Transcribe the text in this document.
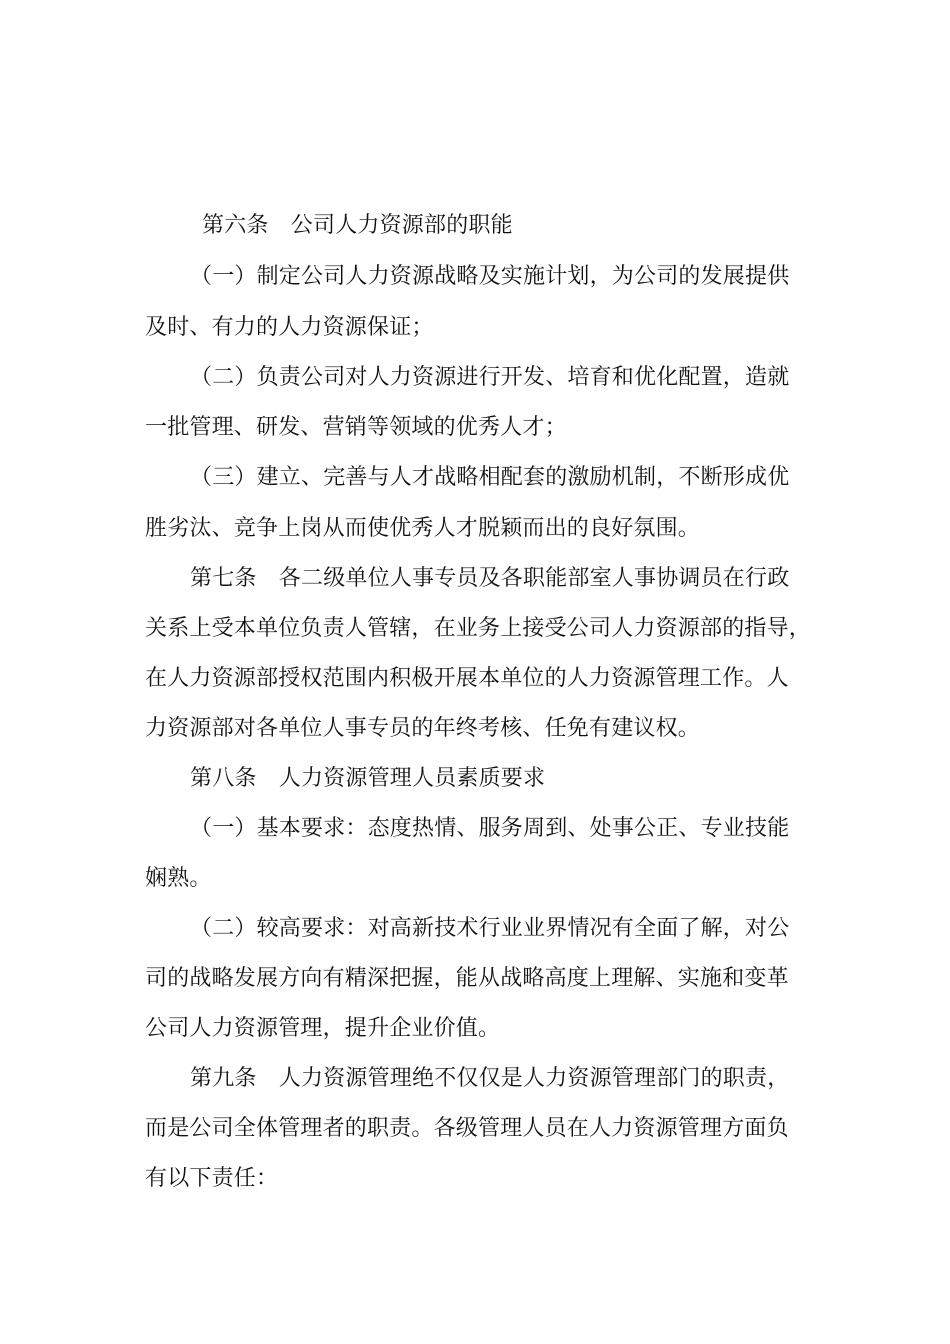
第六条　公司人力资源部的职能
（一）制定公司人力资源战略及实施计划，为公司的发展提供
及时、有力的人力资源保证；
（二）负责公司对人力资源进行开发、培育和优化配置，造就
一批管理、研发、营销等领域的优秀人才；
（三）建立、完善与人才战略相配套的激励机制，不断形成优
胜劣汰、竞争上岗从而使优秀人才脱颖而出的良好氛围。
第七条　各二级单位人事专员及各职能部室人事协调员在行政
关系上受本单位负责人管辖，在业务上接受公司人力资源部的指导，
在人力资源部授权范围内积极开展本单位的人力资源管理工作。人
力资源部对各单位人事专员的年终考核、任免有建议权。
第八条　人力资源管理人员素质要求
（一）基本要求：态度热情、服务周到、处事公正、专业技能
娴熟。
（二）较高要求：对高新技术行业业界情况有全面了解，对公
司的战略发展方向有精深把握，能从战略高度上理解、实施和变革
公司人力资源管理，提升企业价值。
第九条　人力资源管理绝不仅仅是人力资源管理部门的职责，
而是公司全体管理者的职责。各级管理人员在人力资源管理方面负
有以下责任：
